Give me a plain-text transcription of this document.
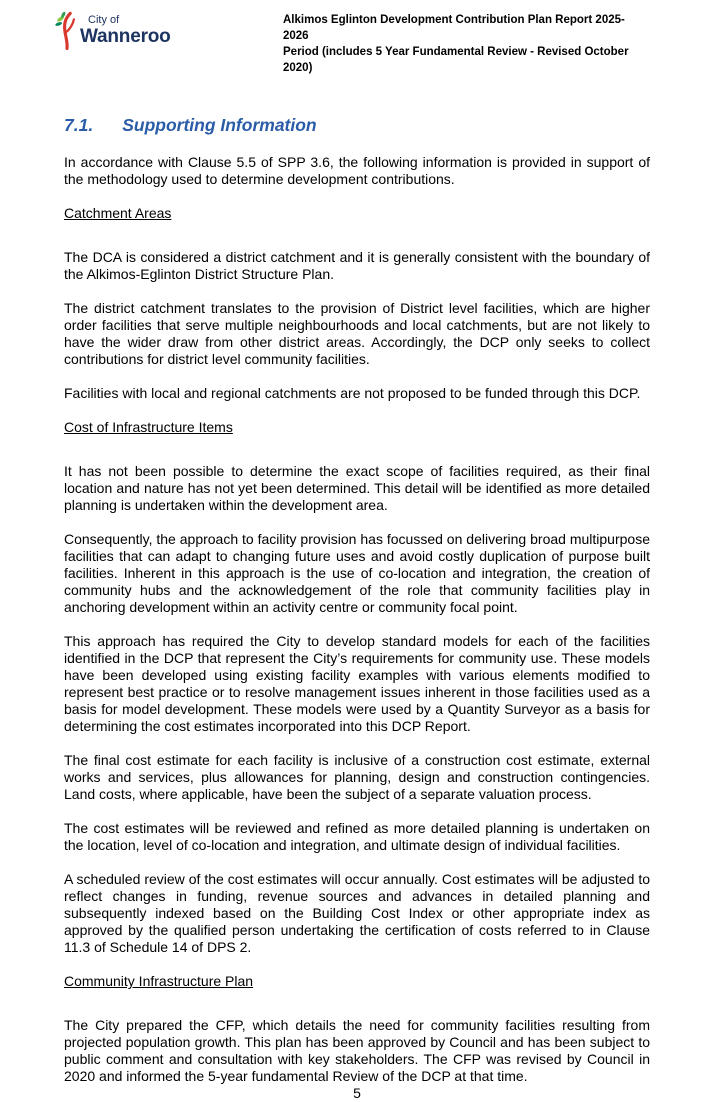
City of
Wanneroo
Alkimos Eglinton Development Contribution Plan Report 2025-2026
Period (includes 5 Year Fundamental Review - Revised October 2020)
7.1. Supporting Information

In accordance with Clause 5.5 of SPP 3.6, the following information is provided in support of the methodology used to determine development contributions.

Catchment Areas

The DCA is considered a district catchment and it is generally consistent with the boundary of the Alkimos-Eglinton District Structure Plan.

The district catchment translates to the provision of District level facilities, which are higher order facilities that serve multiple neighbourhoods and local catchments, but are not likely to have the wider draw from other district areas. Accordingly, the DCP only seeks to collect contributions for district level community facilities.

Facilities with local and regional catchments are not proposed to be funded through this DCP.

Cost of Infrastructure Items

It has not been possible to determine the exact scope of facilities required, as their final location and nature has not yet been determined. This detail will be identified as more detailed planning is undertaken within the development area.

Consequently, the approach to facility provision has focussed on delivering broad multipurpose facilities that can adapt to changing future uses and avoid costly duplication of purpose built facilities. Inherent in this approach is the use of co-location and integration, the creation of community hubs and the acknowledgement of the role that community facilities play in anchoring development within an activity centre or community focal point.

This approach has required the City to develop standard models for each of the facilities identified in the DCP that represent the City’s requirements for community use. These models have been developed using existing facility examples with various elements modified to represent best practice or to resolve management issues inherent in those facilities used as a basis for model development. These models were used by a Quantity Surveyor as a basis for determining the cost estimates incorporated into this DCP Report.

The final cost estimate for each facility is inclusive of a construction cost estimate, external works and services, plus allowances for planning, design and construction contingencies. Land costs, where applicable, have been the subject of a separate valuation process.

The cost estimates will be reviewed and refined as more detailed planning is undertaken on the location, level of co-location and integration, and ultimate design of individual facilities.

A scheduled review of the cost estimates will occur annually. Cost estimates will be adjusted to reflect changes in funding, revenue sources and advances in detailed planning and subsequently indexed based on the Building Cost Index or other appropriate index as approved by the qualified person undertaking the certification of costs referred to in Clause 11.3 of Schedule 14 of DPS 2.

Community Infrastructure Plan

The City prepared the CFP, which details the need for community facilities resulting from projected population growth. This plan has been approved by Council and has been subject to public comment and consultation with key stakeholders. The CFP was revised by Council in 2020 and informed the 5-year fundamental Review of the DCP at that time.

5
